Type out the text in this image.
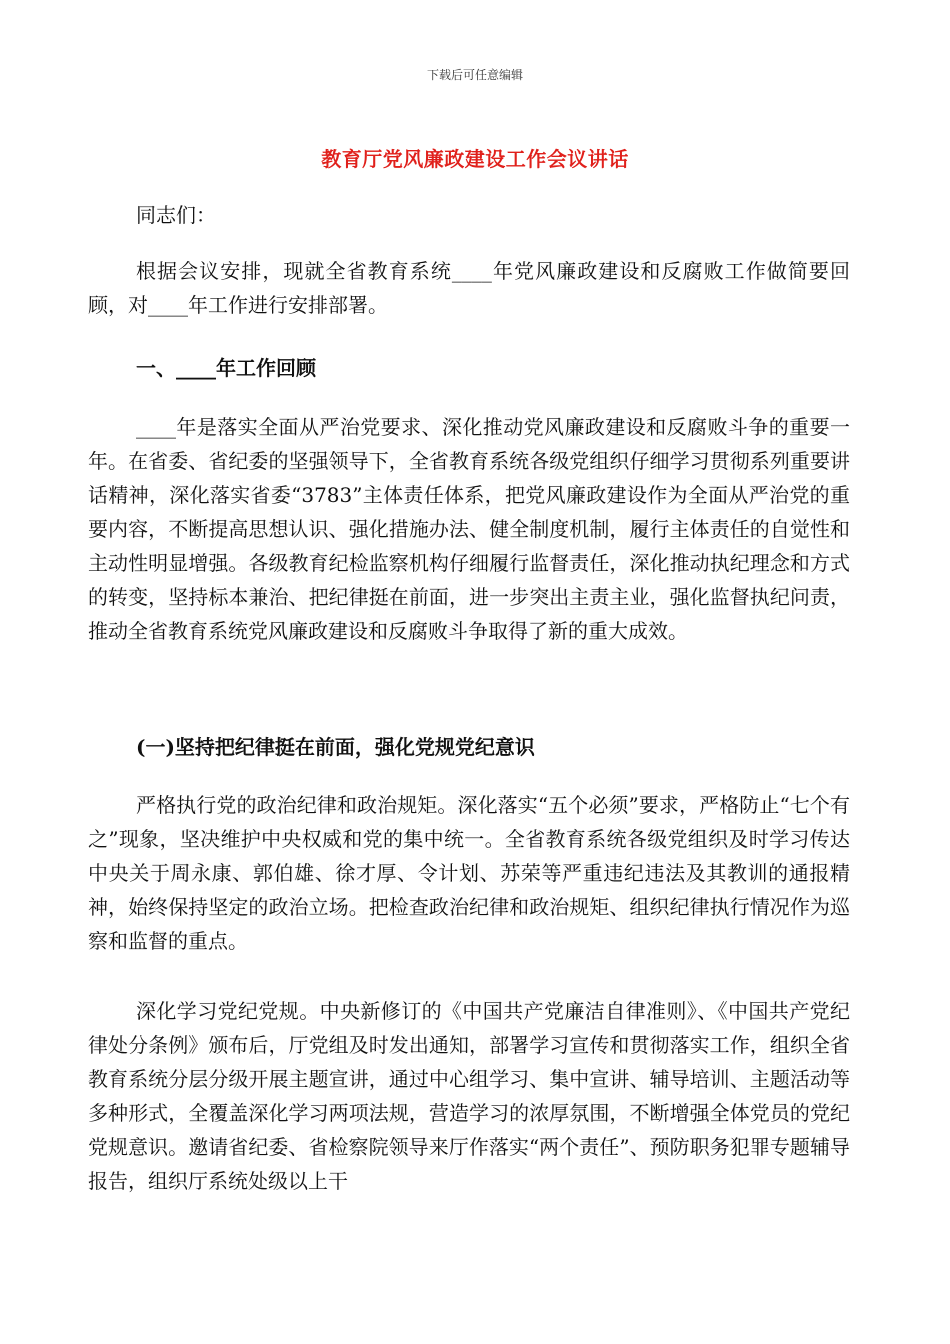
下载后可任意编辑
教育厅党风廉政建设工作会议讲话

同志们：

根据会议安排，现就全省教育系统____年党风廉政建设和反腐败工作做简要回顾，对____年工作进行安排部署。

一、____年工作回顾

____年是落实全面从严治党要求、深化推动党风廉政建设和反腐败斗争的重要一年。在省委、省纪委的坚强领导下，全省教育系统各级党组织仔细学习贯彻系列重要讲话精神，深化落实省委“3783”主体责任体系，把党风廉政建设作为全面从严治党的重要内容，不断提高思想认识、强化措施办法、健全制度机制，履行主体责任的自觉性和主动性明显增强。各级教育纪检监察机构仔细履行监督责任，深化推动执纪理念和方式的转变，坚持标本兼治、把纪律挺在前面，进一步突出主责主业，强化监督执纪问责，推动全省教育系统党风廉政建设和反腐败斗争取得了新的重大成效。

(一)坚持把纪律挺在前面，强化党规党纪意识

严格执行党的政治纪律和政治规矩。深化落实“五个必须”要求，严格防止“七个有之”现象，坚决维护中央权威和党的集中统一。全省教育系统各级党组织及时学习传达中央关于周永康、郭伯雄、徐才厚、令计划、苏荣等严重违纪违法及其教训的通报精神，始终保持坚定的政治立场。把检查政治纪律和政治规矩、组织纪律执行情况作为巡察和监督的重点。

深化学习党纪党规。中央新修订的《中国共产党廉洁自律准则》、《中国共产党纪律处分条例》颁布后，厅党组及时发出通知，部署学习宣传和贯彻落实工作，组织全省教育系统分层分级开展主题宣讲，通过中心组学习、集中宣讲、辅导培训、主题活动等多种形式，全覆盖深化学习两项法规，营造学习的浓厚氛围，不断增强全体党员的党纪党规意识。邀请省纪委、省检察院领导来厅作落实“两个责任”、预防职务犯罪专题辅导报告，组织厅系统处级以上干
